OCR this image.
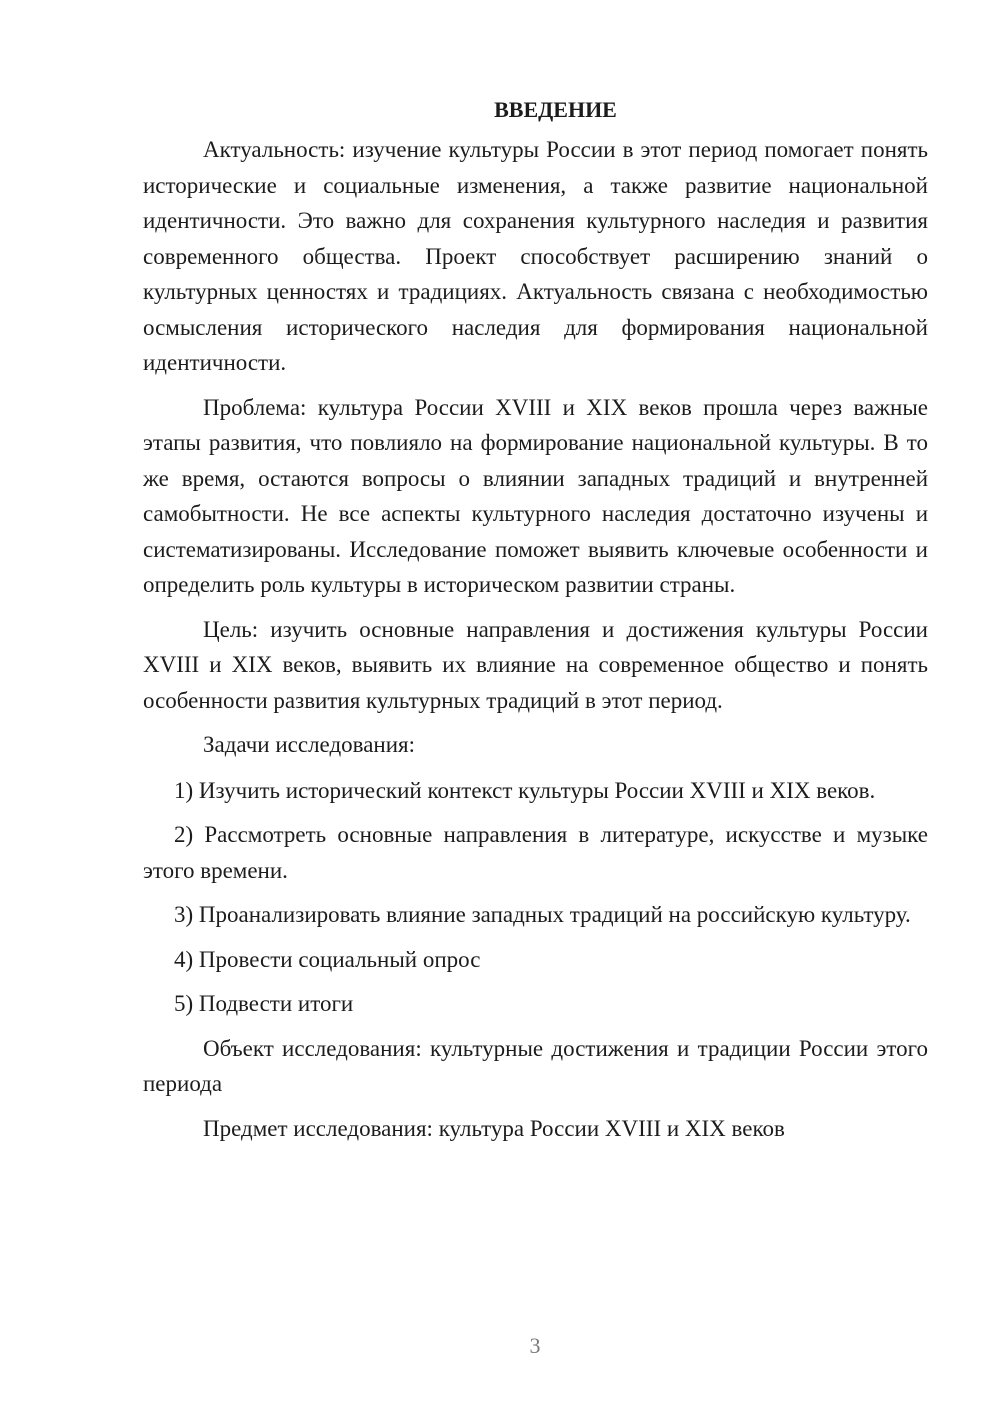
ВВЕДЕНИЕ

Актуальность: изучение культуры России в этот период помогает понять исторические и социальные изменения, а также развитие национальной идентичности. Это важно для сохранения культурного наследия и развития современного общества. Проект способствует расширению знаний о культурных ценностях и традициях. Актуальность связана с необходимостью осмысления исторического наследия для формирования национальной идентичности.

Проблема: культура России XVIII и XIX веков прошла через важные этапы развития, что повлияло на формирование национальной культуры. В то же время, остаются вопросы о влиянии западных традиций и внутренней самобытности. Не все аспекты культурного наследия достаточно изучены и систематизированы. Исследование поможет выявить ключевые особенности и определить роль культуры в историческом развитии страны.

Цель: изучить основные направления и достижения культуры России XVIII и XIX веков, выявить их влияние на современное общество и понять особенности развития культурных традиций в этот период.

Задачи исследования:

1) Изучить исторический контекст культуры России XVIII и XIX веков.

2) Рассмотреть основные направления в литературе, искусстве и музыке этого времени.

3) Проанализировать влияние западных традиций на российскую культуру.

4) Провести социальный опрос

5) Подвести итоги

Объект исследования: культурные достижения и традиции России этого периода

Предмет исследования: культура России XVIII и XIX веков

3
